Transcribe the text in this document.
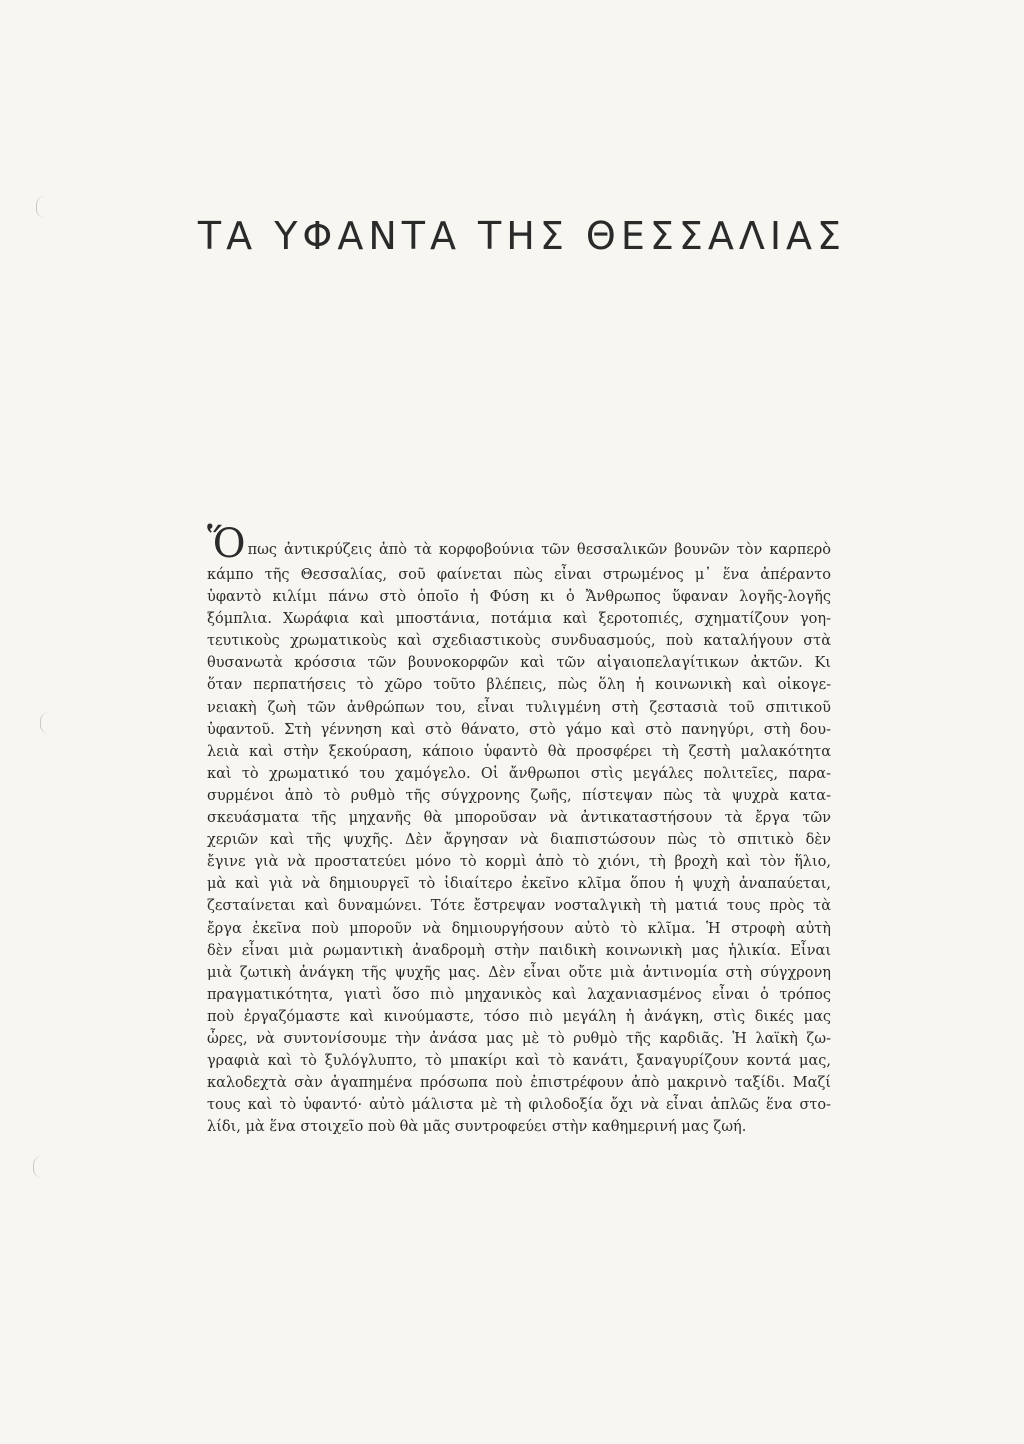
ΤΑ ΥΦΑΝΤΑ ΤΗΣ ΘΕΣΣΑΛΙΑΣ
Ὅ πως ἀντικρύζεις ἀπὸ τὰ κορφοβούνια τῶν θεσσαλικῶν βουνῶν τὸν καρπερὸ
κάμπο τῆς Θεσσαλίας, σοῦ φαίνεται πὼς εἶναι στρωμένος μ᾽ ἕνα ἀπέραντο
ὑφαντὸ κιλίμι πάνω στὸ ὁποῖο ἡ Φύση κι ὁ Ἄνθρωπος ὕφαναν λογῆς-λογῆς
ξόμπλια. Χωράφια καὶ μποστάνια, ποτάμια καὶ ξεροτοπιές, σχηματίζουν γοη-
τευτικοὺς χρωματικοὺς καὶ σχεδιαστικοὺς συνδυασμούς, ποὺ καταλήγουν στὰ
θυσανωτὰ κρόσσια τῶν βουνοκορφῶν καὶ τῶν αἰγαιοπελαγίτικων ἀκτῶν. Κι
ὅταν περπατήσεις τὸ χῶρο τοῦτο βλέπεις, πὼς ὅλη ἡ κοινωνικὴ καὶ οἰκογε-
νειακὴ ζωὴ τῶν ἀνθρώπων του, εἶναι τυλιγμένη στὴ ζεστασιὰ τοῦ σπιτικοῦ
ὑφαντοῦ. Στὴ γέννηση καὶ στὸ θάνατο, στὸ γάμο καὶ στὸ πανηγύρι, στὴ δου-
λειὰ καὶ στὴν ξεκούραση, κάποιο ὑφαντὸ θὰ προσφέρει τὴ ζεστὴ μαλακότητα
καὶ τὸ χρωματικό του χαμόγελο. Οἱ ἄνθρωποι στὶς μεγάλες πολιτεῖες, παρα-
συρμένοι ἀπὸ τὸ ρυθμὸ τῆς σύγχρονης ζωῆς, πίστεψαν πὼς τὰ ψυχρὰ κατα-
σκευάσματα τῆς μηχανῆς θὰ μποροῦσαν νὰ ἀντικαταστήσουν τὰ ἔργα τῶν
χεριῶν καὶ τῆς ψυχῆς. Δὲν ἄργησαν νὰ διαπιστώσουν πὼς τὸ σπιτικὸ δὲν
ἔγινε γιὰ νὰ προστατεύει μόνο τὸ κορμὶ ἀπὸ τὸ χιόνι, τὴ βροχὴ καὶ τὸν ἥλιο,
μὰ καὶ γιὰ νὰ δημιουργεῖ τὸ ἰδιαίτερο ἐκεῖνο κλῖμα ὅπου ἡ ψυχὴ ἀναπαύεται,
ζεσταίνεται καὶ δυναμώνει. Τότε ἔστρεψαν νοσταλγικὴ τὴ ματιά τους πρὸς τὰ
ἔργα ἐκεῖνα ποὺ μποροῦν νὰ δημιουργήσουν αὐτὸ τὸ κλῖμα. Ἡ στροφὴ αὐτὴ
δὲν εἶναι μιὰ ρωμαντικὴ ἀναδρομὴ στὴν παιδικὴ κοινωνικὴ μας ἡλικία. Εἶναι
μιὰ ζωτικὴ ἀνάγκη τῆς ψυχῆς μας. Δὲν εἶναι οὔτε μιὰ ἀντινομία στὴ σύγχρονη
πραγματικότητα, γιατὶ ὅσο πιὸ μηχανικὸς καὶ λαχανιασμένος εἶναι ὁ τρόπος
ποὺ ἐργαζόμαστε καὶ κινούμαστε, τόσο πιὸ μεγάλη ἡ ἀνάγκη, στὶς δικές μας
ὧρες, νὰ συντονίσουμε τὴν ἀνάσα μας μὲ τὸ ρυθμὸ τῆς καρδιᾶς. Ἡ λαϊκὴ ζω-
γραφιὰ καὶ τὸ ξυλόγλυπτο, τὸ μπακίρι καὶ τὸ κανάτι, ξαναγυρίζουν κοντά μας,
καλοδεχτὰ σὰν ἀγαπημένα πρόσωπα ποὺ ἐπιστρέφουν ἀπὸ μακρινὸ ταξίδι. Μαζί
τους καὶ τὸ ὑφαντό· αὐτὸ μάλιστα μὲ τὴ φιλοδοξία ὄχι νὰ εἶναι ἁπλῶς ἕνα στο-
λίδι, μὰ ἕνα στοιχεῖο ποὺ θὰ μᾶς συντροφεύει στὴν καθημερινή μας ζωή.
